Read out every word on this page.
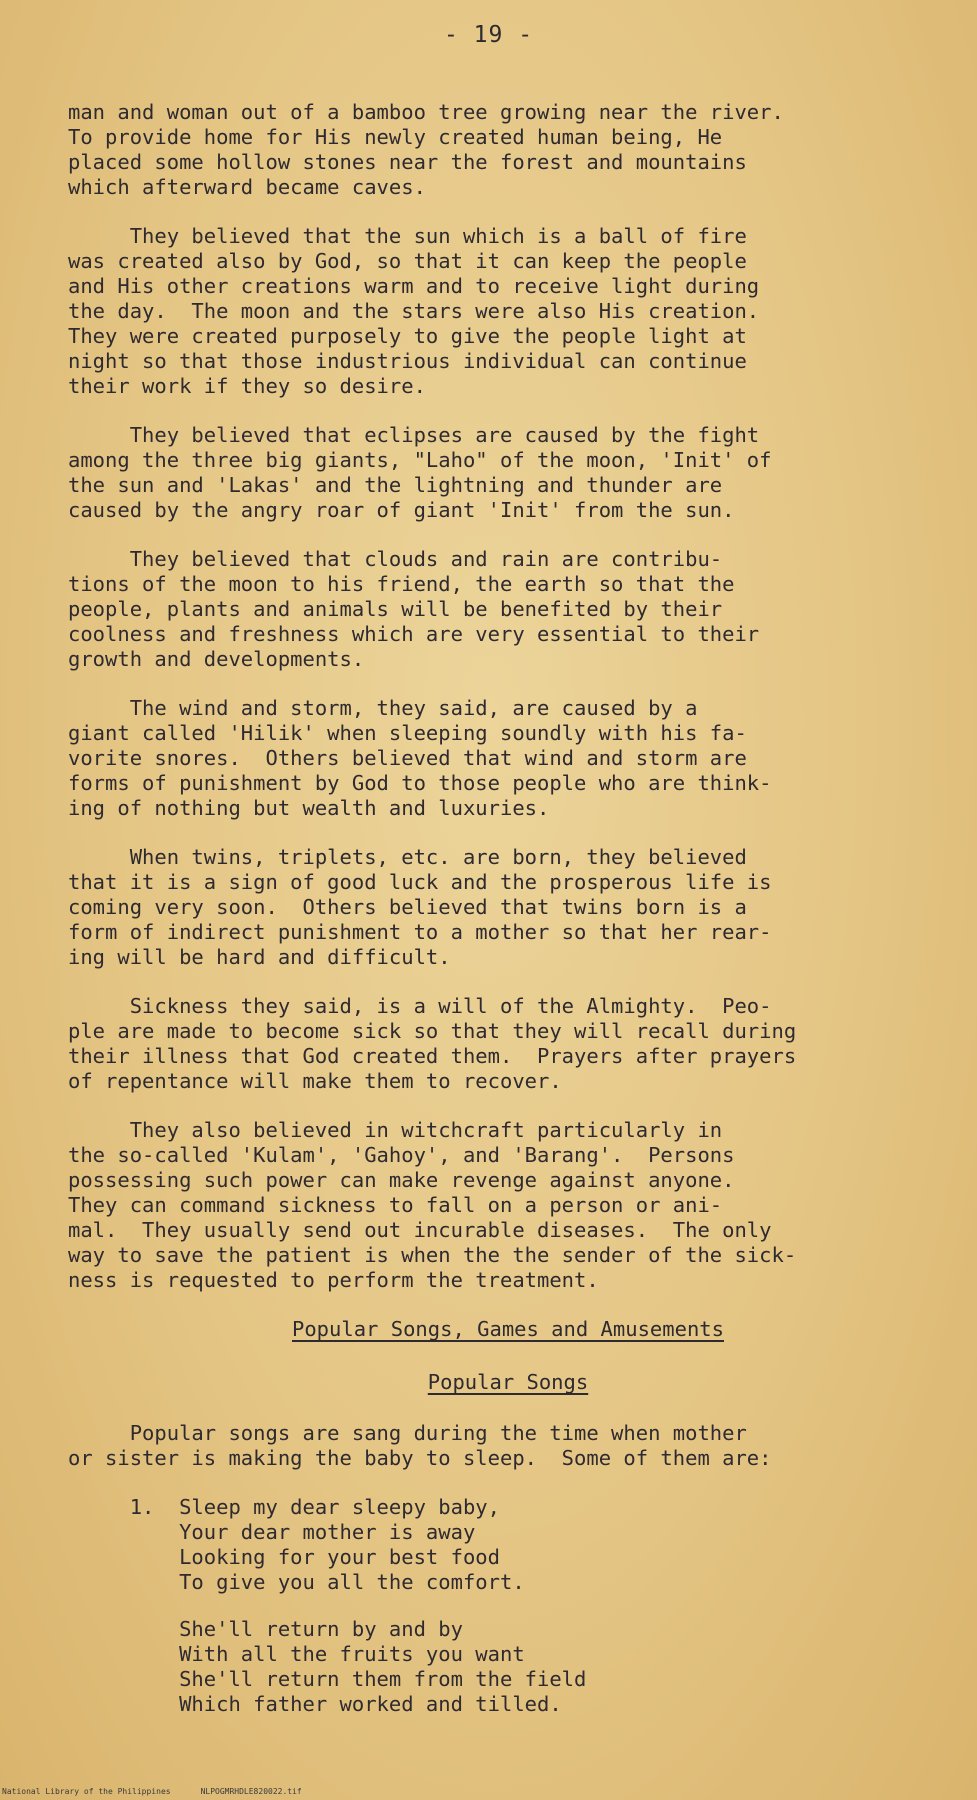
- 19 -

man and woman out of a bamboo tree growing near the river.
To provide home for His newly created human being, He
placed some hollow stones near the forest and mountains
which afterward became caves.

They believed that the sun which is a ball of fire
was created also by God, so that it can keep the people
and His other creations warm and to receive light during
the day.  The moon and the stars were also His creation.
They were created purposely to give the people light at
night so that those industrious individual can continue
their work if they so desire.

They believed that eclipses are caused by the fight
among the three big giants, "Laho" of the moon, 'Init' of
the sun and 'Lakas' and the lightning and thunder are
caused by the angry roar of giant 'Init' from the sun.

They believed that clouds and rain are contribu-
tions of the moon to his friend, the earth so that the
people, plants and animals will be benefited by their
coolness and freshness which are very essential to their
growth and developments.

The wind and storm, they said, are caused by a
giant called 'Hilik' when sleeping soundly with his fa-
vorite snores.  Others believed that wind and storm are
forms of punishment by God to those people who are think-
ing of nothing but wealth and luxuries.

When twins, triplets, etc. are born, they believed
that it is a sign of good luck and the prosperous life is
coming very soon.  Others believed that twins born is a
form of indirect punishment to a mother so that her rear-
ing will be hard and difficult.

Sickness they said, is a will of the Almighty.  Peo-
ple are made to become sick so that they will recall during
their illness that God created them.  Prayers after prayers
of repentance will make them to recover.

They also believed in witchcraft particularly in
the so-called 'Kulam', 'Gahoy', and 'Barang'.  Persons
possessing such power can make revenge against anyone.
They can command sickness to fall on a person or ani-
mal.  They usually send out incurable diseases.  The only
way to save the patient is when the the sender of the sick-
ness is requested to perform the treatment.

Popular Songs, Games and Amusements

Popular Songs

Popular songs are sang during the time when mother
or sister is making the baby to sleep.  Some of them are:

1.  Sleep my dear sleepy baby,
Your dear mother is away
Looking for your best food
To give you all the comfort.

She'll return by and by
With all the fruits you want
She'll return them from the field
Which father worked and tilled.

National Library of the Philippines	NLPOGMRHDLE820022.tif
